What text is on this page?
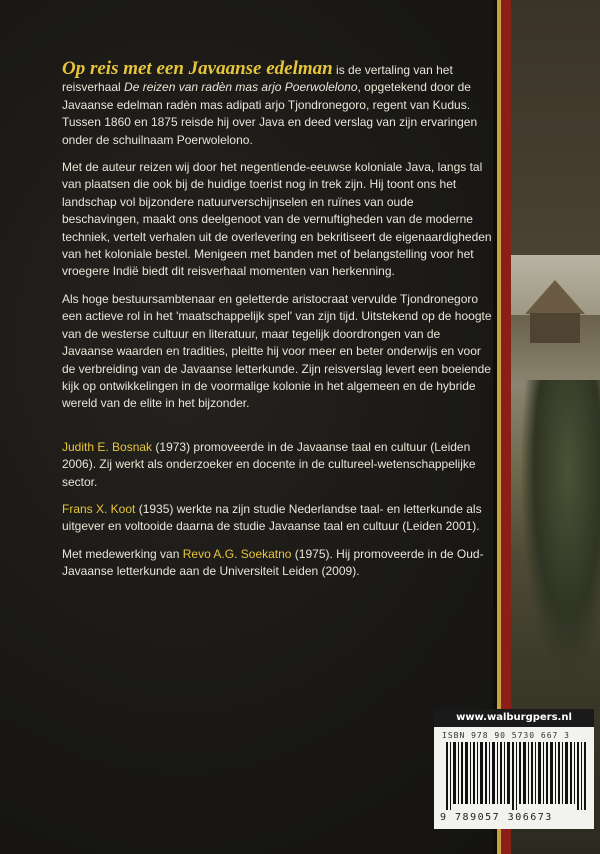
Op reis met een Javaanse edelman is de vertaling van het reisverhaal De reizen van radèn mas arjo Poerwolelono, opgetekend door de Javaanse edelman radèn mas adipati arjo Tjondronegoro, regent van Kudus. Tussen 1860 en 1875 reisde hij over Java en deed verslag van zijn ervaringen onder de schuilnaam Poerwolelono.

Met de auteur reizen wij door het negentiende-eeuwse koloniale Java, langs tal van plaatsen die ook bij de huidige toerist nog in trek zijn. Hij toont ons het landschap vol bijzondere natuurverschijnselen en ruïnes van oude beschavingen, maakt ons deelgenoot van de vernuftigheden van de moderne techniek, vertelt verhalen uit de overlevering en bekritiseert de eigenaardigheden van het koloniale bestel. Menigeen met banden met of belangstelling voor het vroegere Indië biedt dit reisverhaal momenten van herkenning.

Als hoge bestuursambtenaar en geletterde aristocraat vervulde Tjondronegoro een actieve rol in het 'maatschappelijk spel' van zijn tijd. Uitstekend op de hoogte van de westerse cultuur en literatuur, maar tegelijk doordrongen van de Javaanse waarden en tradities, pleitte hij voor meer en beter onderwijs en voor de verbreiding van de Javaanse letterkunde. Zijn reisverslag levert een boeiende kijk op ontwikkelingen in de voormalige kolonie in het algemeen en de hybride wereld van de elite in het bijzonder.

Judith E. Bosnak (1973) promoveerde in de Javaanse taal en cultuur (Leiden 2006). Zij werkt als onderzoeker en docente in de cultureel-wetenschappelijke sector.

Frans X. Koot (1935) werkte na zijn studie Nederlandse taal- en letterkunde als uitgever en voltooide daarna de studie Javaanse taal en cultuur (Leiden 2001).

Met medewerking van Revo A.G. Soekatno (1975). Hij promoveerde in de Oud-Javaanse letterkunde aan de Universiteit Leiden (2009).

www.walburgpers.nl
ISBN 978 90 5730 667 3
9 789057 306673
